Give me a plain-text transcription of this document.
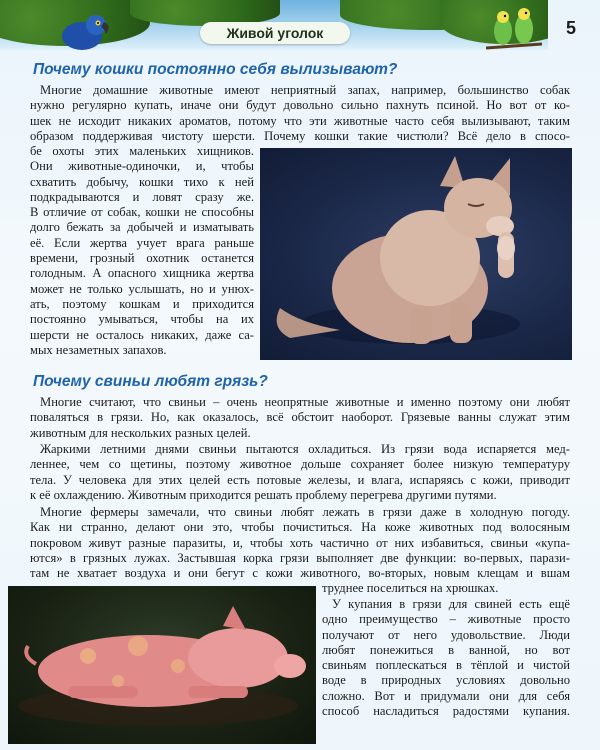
Живой уголок	5
Почему кошки постоянно себя вылизывают?
Многие домашние животные имеют неприятный запах, например, большинство собак
нужно регулярно купать, иначе они будут довольно сильно пахнуть псиной. Но вот от ко-
шек не исходит никаких ароматов, потому что эти животные часто себя вылизывают, таким
образом поддерживая чистоту шерсти. Почему кошки такие чистюли? Всё дело в спосо-
бе охоты этих маленьких хищников.
Они животные-одиночки, и, чтобы
схватить добычу, кошки тихо к ней
подкрадываются и ловят сразу же.
В отличие от собак, кошки не способны
долго бежать за добычей и изматывать
её. Если жертва учует врага раньше
времени, грозный охотник останется
голодным. А опасного хищника жертва
может не только услышать, но и унюх-
ать, поэтому кошкам и приходится
постоянно умываться, чтобы на их
шерсти не осталось никаких, даже са-
мых незаметных запахов.
Почему свиньи любят грязь?
Многие считают, что свиньи – очень неопрятные животные и именно поэтому они любят
поваляться в грязи. Но, как оказалось, всё обстоит наоборот. Грязевые ванны служат этим
животным для нескольких разных целей.
Жаркими летними днями свиньи пытаются охладиться. Из грязи вода испаряется мед-
леннее, чем со щетины, поэтому животное дольше сохраняет более низкую температуру
тела. У человека для этих целей есть потовые железы, и влага, испаряясь с кожи, приводит
к её охлаждению. Животным приходится решать проблему перегрева другими путями.
Многие фермеры замечали, что свиньи любят лежать в грязи даже в холодную погоду.
Как ни странно, делают они это, чтобы почиститься. На коже животных под волосяным
покровом живут разные паразиты, и, чтобы хоть частично от них избавиться, свиньи «купа-
ются» в грязных лужах. Застывшая корка грязи выполняет две функции: во-первых, парази-
там не хватает воздуха и они бегут с кожи животного, во-вторых, новым клещам и вшам
труднее поселиться на хрюшках.
У купания в грязи для свиней есть ещё
одно преимущество – животные просто
получают от него удовольствие. Люди
любят понежиться в ванной, но вот
свиньям поплескаться в тёплой и чистой
воде в природных условиях довольно
сложно. Вот и придумали они для себя
способ насладиться радостями купания.
